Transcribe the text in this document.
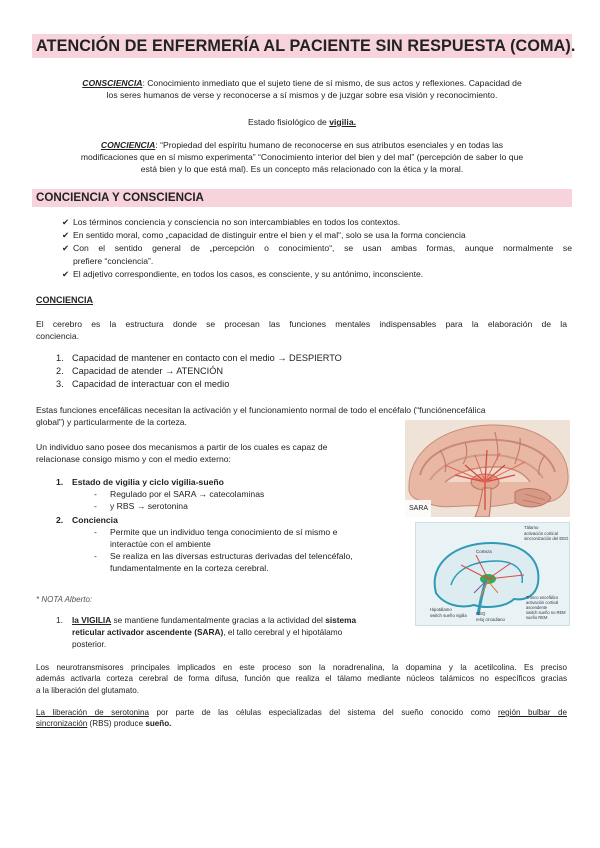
ATENCIÓN DE ENFERMERÍA AL PACIENTE SIN RESPUESTA (COMA).
CONSCIENCIA: Conocimiento inmediato que el sujeto tiene de sí mismo, de sus actos y reflexiones. Capacidad de
los seres humanos de verse y reconocerse a sí mismos y de juzgar sobre esa visión y reconocimiento.
Estado fisiológico de vigilia.
CONCIENCIA: “Propiedad del espíritu humano de reconocerse en sus atributos esenciales y en todas las
modificaciones que en sí mismo experimenta” “Conocimiento interior del bien y del mal” (percepción de saber lo que
está bien y lo que está mal). Es un concepto más relacionado con la ética y la moral.
CONCIENCIA Y CONSCIENCIA
✔ Los términos conciencia y consciencia no son intercambiables en todos los contextos.
✔ En sentido moral, como „capacidad de distinguir entre el bien y el mal“, solo se usa la forma conciencia
✔ Con el sentido general de „percepción o conocimiento“, se usan ambas formas, aunque normalmente se
prefiere “conciencia”.
✔ El adjetivo correspondiente, en todos los casos, es consciente, y su antónimo, inconsciente.
CONCIENCIA
El cerebro es la estructura donde se procesan las funciones mentales indispensables para la elaboración de la
conciencia.
1. Capacidad de mantener en contacto con el medio → DESPIERTO
2. Capacidad de atender → ATENCIÓN
3. Capacidad de interactuar con el medio
Estas funciones encefálicas necesitan la activación y el funcionamiento normal de todo el encéfalo (“funciónencefálica
global”) y particularmente de la corteza.
Un individuo sano posee dos mecanismos a partir de los cuales es capaz de
relacionase consigo mismo y con el medio externo:
1. Estado de vigilia y ciclo vigilia-sueño
- Regulado por el SARA → catecolaminas
- y RBS → serotonina
2. Conciencia
- Permite que un individuo tenga conocimiento de sí mismo e
interactúe con el ambiente
- Se realiza en las diversas estructuras derivadas del telencéfalo,
fundamentalmente en la corteza cerebral.
* NOTA Alberto:
1. la VIGILIA se mantiene fundamentalmente gracias a la actividad del sistema
reticular activador ascendente (SARA), el tallo cerebral y el hipotálamo
posterior.
Los neurotransmisores principales implicados en este proceso son la noradrenalina, la dopamina y la acetilcolina. Es preciso
además activarla corteza cerebral de forma difusa, función que realiza el tálamo mediante núcleos talámicos no específicos gracias
a la liberación del glutamato.
La liberación de serotonina por parte de las células especializadas del sistema del sueño conocido como región bulbar de
sincronización (RBS) produce sueño.
SARA
Tálamo
activación cortical
sincronización del EEG
Corteza
Hipotálamo
switch sueño vigilia NSQ
reloj circadiano
Tronco encefálico
activación cortical
ascendente
switch sueño no REM
sueño REM
